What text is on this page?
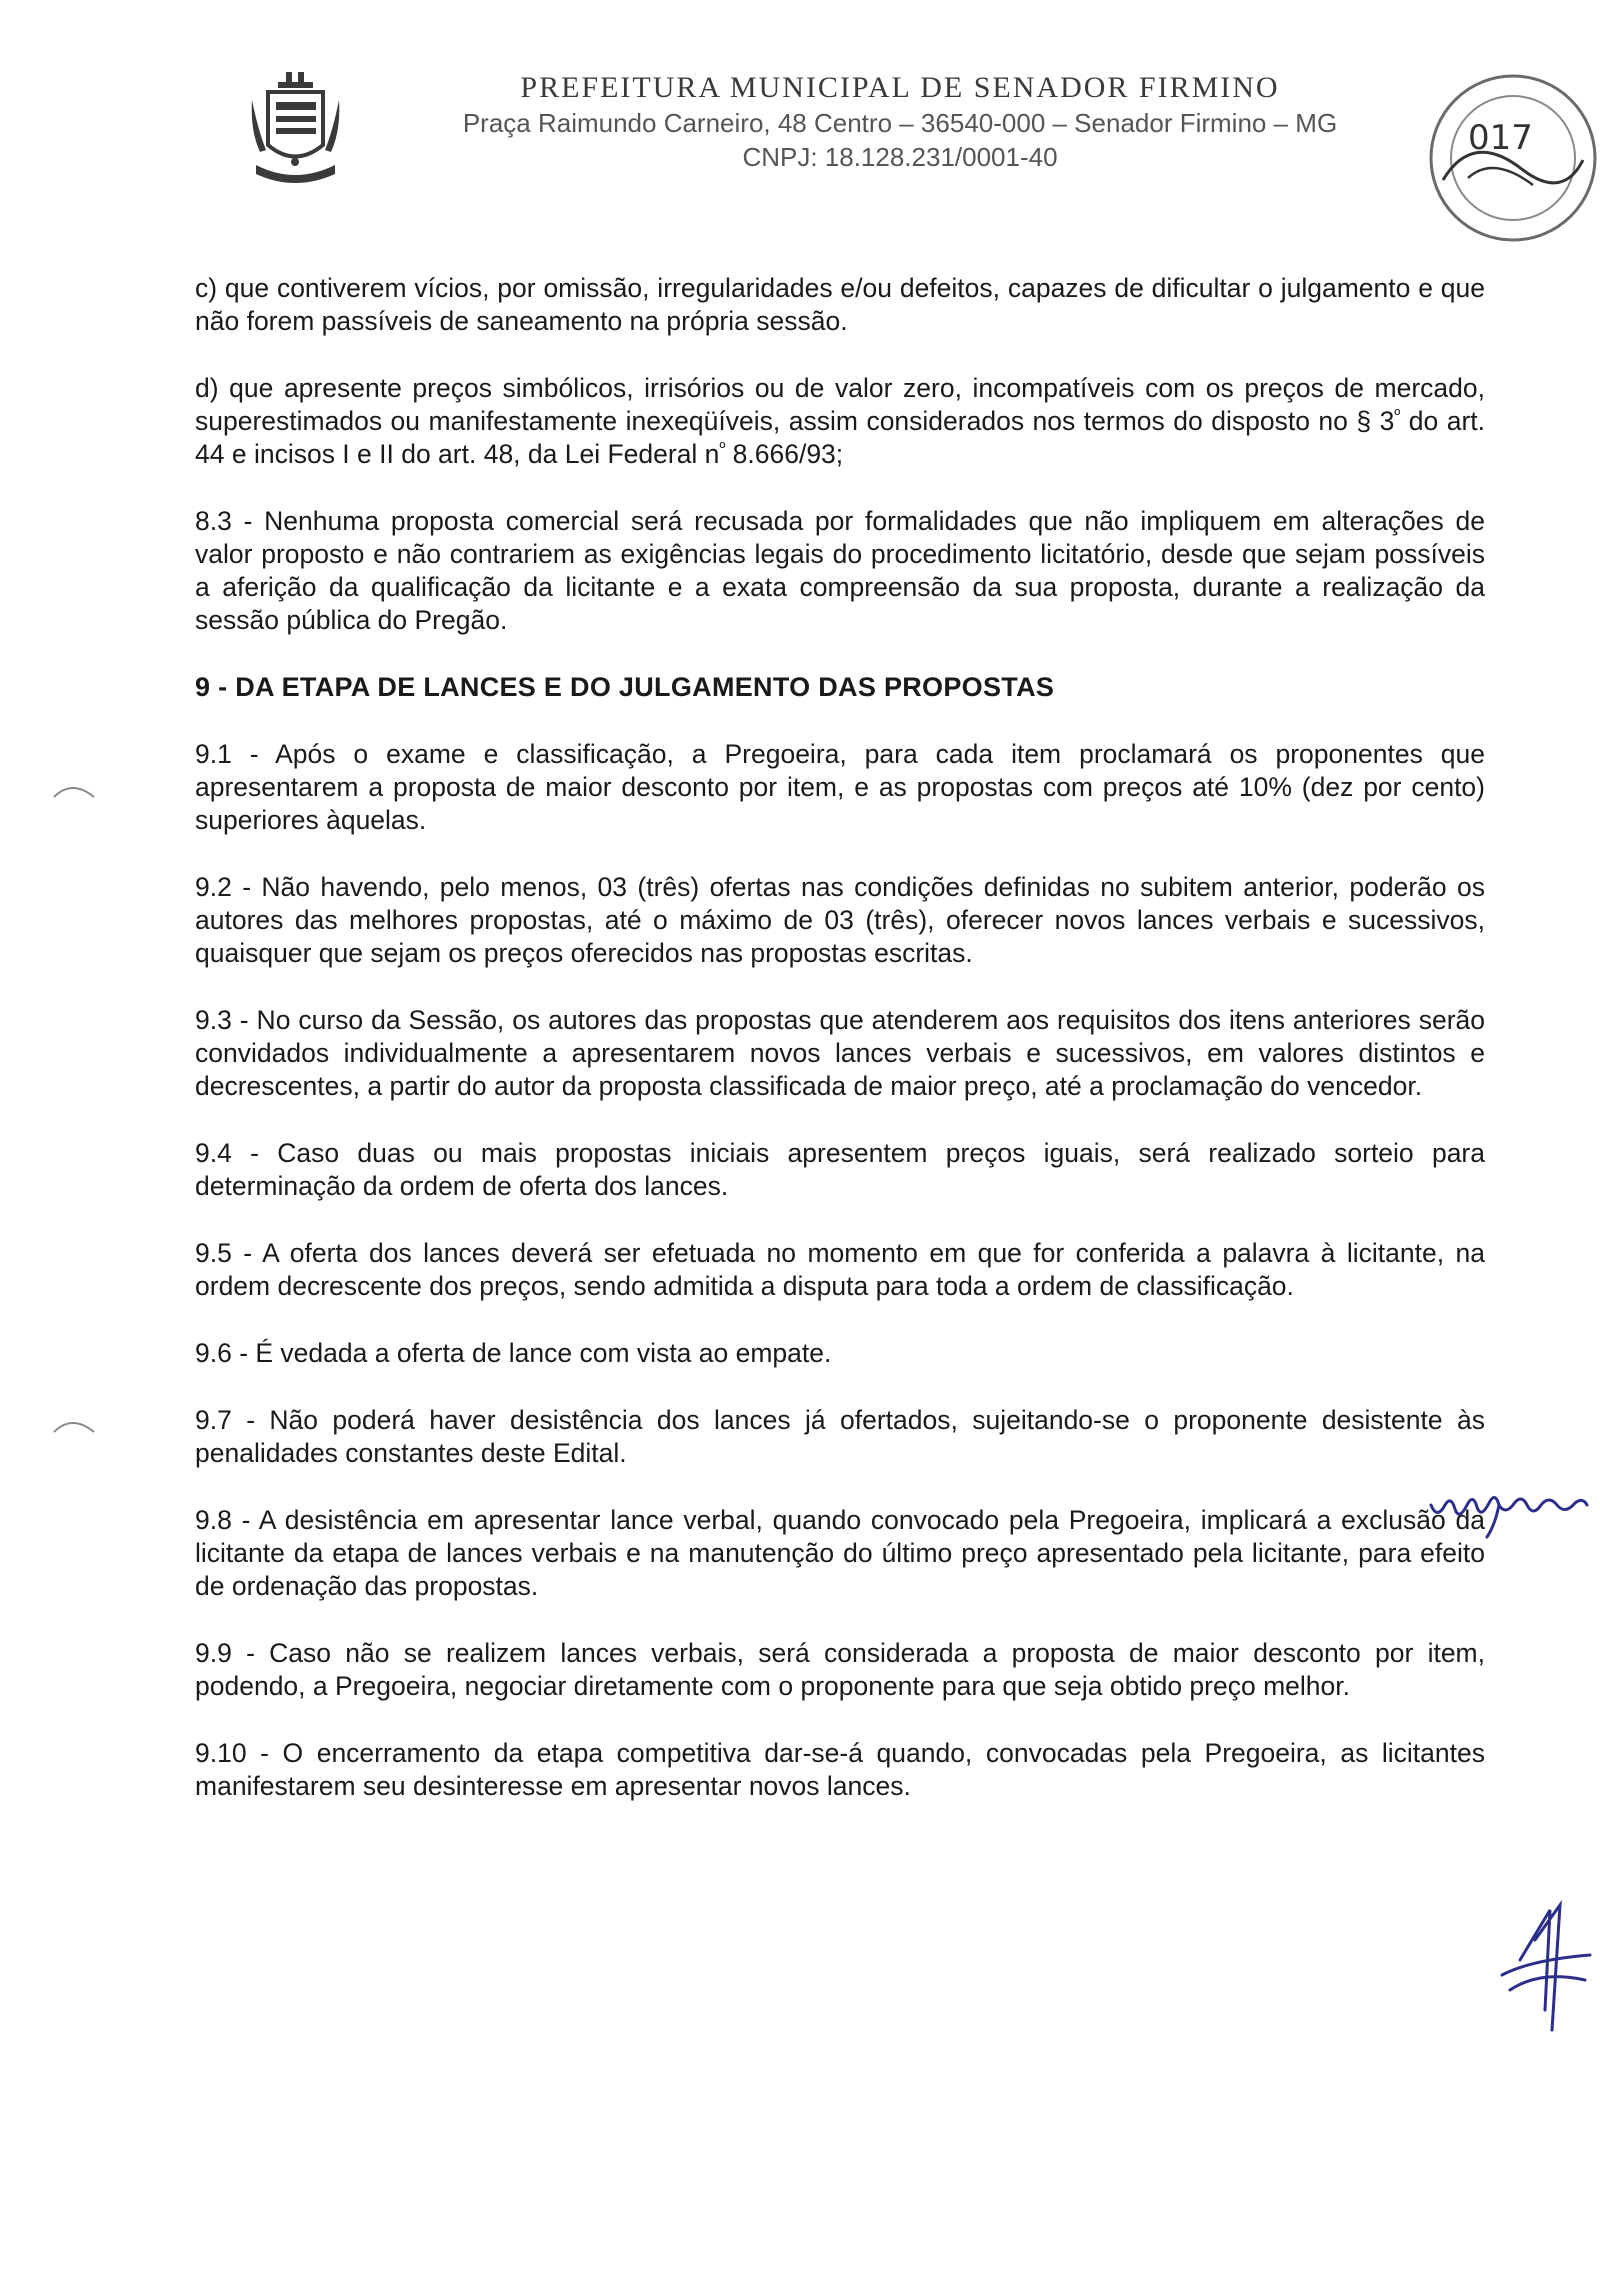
PREFEITURA MUNICIPAL DE SENADOR FIRMINO
Praça Raimundo Carneiro, 48 Centro – 36540-000 – Senador Firmino – MG
CNPJ: 18.128.231/0001-40	017

c) que contiverem vícios, por omissão, irregularidades e/ou defeitos, capazes de dificultar o julgamento e que não forem passíveis de saneamento na própria sessão.

d) que apresente preços simbólicos, irrisórios ou de valor zero, incompatíveis com os preços de mercado, superestimados ou manifestamente inexeqüíveis, assim considerados nos termos do disposto no § $3^º$ do art. 44 e incisos I e II do art. 48, da Lei Federal $n^º$ 8.666/93;

8.3 - Nenhuma proposta comercial será recusada por formalidades que não impliquem em alterações de valor proposto e não contrariem as exigências legais do procedimento licitatório, desde que sejam possíveis a aferição da qualificação da licitante e a exata compreensão da sua proposta, durante a realização da sessão pública do Pregão.

9 - DA ETAPA DE LANCES E DO JULGAMENTO DAS PROPOSTAS

9.1 - Após o exame e classificação, a Pregoeira, para cada item proclamará os proponentes que apresentarem a proposta de maior desconto por item, e as propostas com preços até 10% (dez por cento) superiores àquelas.

9.2 - Não havendo, pelo menos, 03 (três) ofertas nas condições definidas no subitem anterior, poderão os autores das melhores propostas, até o máximo de 03 (três), oferecer novos lances verbais e sucessivos, quaisquer que sejam os preços oferecidos nas propostas escritas.

9.3 - No curso da Sessão, os autores das propostas que atenderem aos requisitos dos itens anteriores serão convidados individualmente a apresentarem novos lances verbais e sucessivos, em valores distintos e decrescentes, a partir do autor da proposta classificada de maior preço, até a proclamação do vencedor.

9.4 - Caso duas ou mais propostas iniciais apresentem preços iguais, será realizado sorteio para determinação da ordem de oferta dos lances.

9.5 - A oferta dos lances deverá ser efetuada no momento em que for conferida a palavra à licitante, na ordem decrescente dos preços, sendo admitida a disputa para toda a ordem de classificação.

9.6 - É vedada a oferta de lance com vista ao empate.

9.7 - Não poderá haver desistência dos lances já ofertados, sujeitando-se o proponente desistente às penalidades constantes deste Edital.

9.8 - A desistência em apresentar lance verbal, quando convocado pela Pregoeira, implicará a exclusão da licitante da etapa de lances verbais e na manutenção do último preço apresentado pela licitante, para efeito de ordenação das propostas.

9.9 - Caso não se realizem lances verbais, será considerada a proposta de maior desconto por item, podendo, a Pregoeira, negociar diretamente com o proponente para que seja obtido preço melhor.

9.10 - O encerramento da etapa competitiva dar-se-á quando, convocadas pela Pregoeira, as licitantes manifestarem seu desinteresse em apresentar novos lances.
